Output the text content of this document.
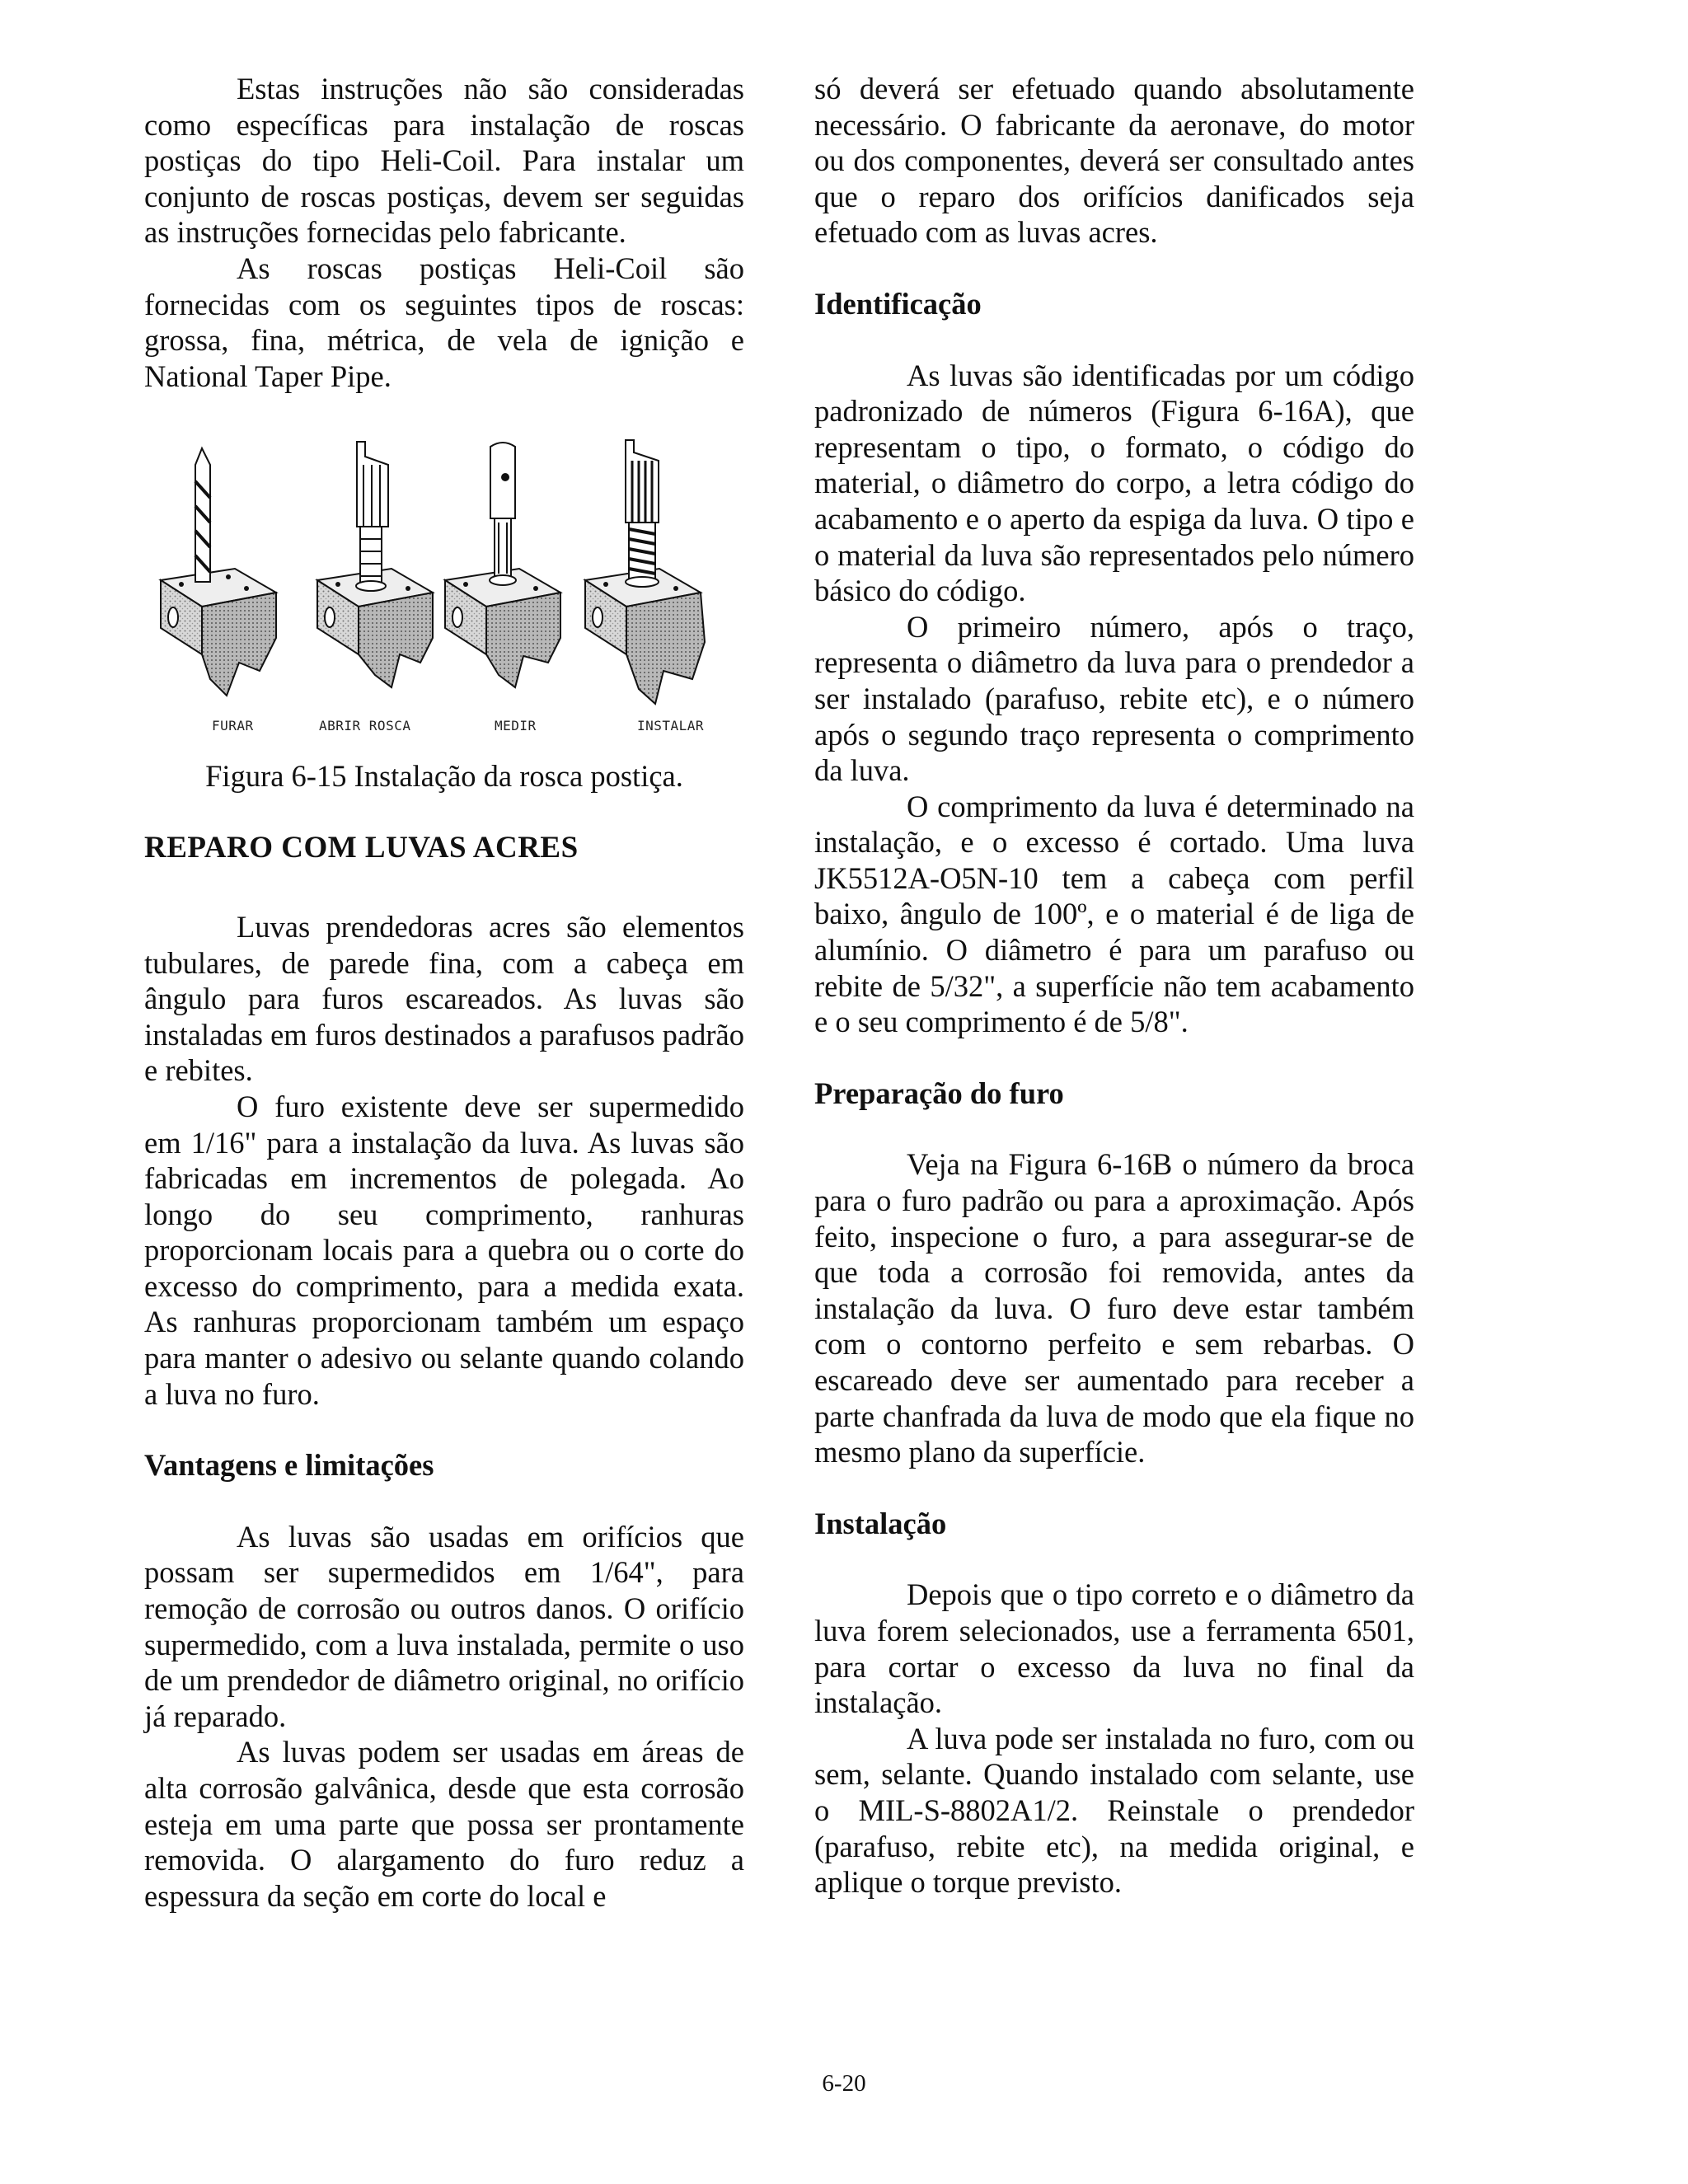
Estas instruções não são consideradas como específicas para instalação de roscas postiças do tipo Heli-Coil. Para instalar um conjunto de roscas postiças, devem ser seguidas as instruções fornecidas pelo fabricante.

As roscas postiças Heli-Coil são fornecidas com os seguintes tipos de roscas: grossa, fina, métrica, de vela de ignição e National Taper Pipe.

FURAR	ABRIR ROSCA	MEDIR	INSTALAR

Figura 6-15 Instalação da rosca postiça.

REPARO COM LUVAS ACRES

Luvas prendedoras acres são elementos tubulares, de parede fina, com a cabeça em ângulo para furos escareados. As luvas são instaladas em furos destinados a parafusos padrão e rebites.

O furo existente deve ser supermedido em 1/16" para a instalação da luva. As luvas são fabricadas em incrementos de polegada. Ao longo do seu comprimento, ranhuras proporcionam locais para a quebra ou o corte do excesso do comprimento, para a medida exata. As ranhuras proporcionam também um espaço para manter o adesivo ou selante quando colando a luva no furo.

Vantagens e limitações

As luvas são usadas em orifícios que possam ser supermedidos em 1/64", para remoção de corrosão ou outros danos. O orifício supermedido, com a luva instalada, permite o uso de um prendedor de diâmetro original, no orifício já reparado.

As luvas podem ser usadas em áreas de alta corrosão galvânica, desde que esta corrosão esteja em uma parte que possa ser prontamente removida. O alargamento do furo reduz a espessura da seção em corte do local e

só deverá ser efetuado quando absolutamente necessário. O fabricante da aeronave, do motor ou dos componentes, deverá ser consultado antes que o reparo dos orifícios danificados seja efetuado com as luvas acres.

Identificação

As luvas são identificadas por um código padronizado de números (Figura 6-16A), que representam o tipo, o formato, o código do material, o diâmetro do corpo, a letra código do acabamento e o aperto da espiga da luva. O tipo e o material da luva são representados pelo número básico do código.

O primeiro número, após o traço, representa o diâmetro da luva para o prendedor a ser instalado (parafuso, rebite etc), e o número após o segundo traço representa o comprimento da luva.

O comprimento da luva é determinado na instalação, e o excesso é cortado. Uma luva JK5512A-O5N-10 tem a cabeça com perfil baixo, ângulo de 100º, e o material é de liga de alumínio. O diâmetro é para um parafuso ou rebite de 5/32", a superfície não tem acabamento e o seu comprimento é de 5/8".

Preparação do furo

Veja na Figura 6-16B o número da broca para o furo padrão ou para a aproximação. Após feito, inspecione o furo, a para assegurar-se de que toda a corrosão foi removida, antes da instalação da luva. O furo deve estar também com o contorno perfeito e sem rebarbas. O escareado deve ser aumentado para receber a parte chanfrada da luva de modo que ela fique no mesmo plano da superfície.

Instalação

Depois que o tipo correto e o diâmetro da luva forem selecionados, use a ferramenta 6501, para cortar o excesso da luva no final da instalação.

A luva pode ser instalada no furo, com ou sem, selante. Quando instalado com selante, use o MIL-S-8802A1/2. Reinstale o prendedor (parafuso, rebite etc), na medida original, e aplique o torque previsto.

6-20
